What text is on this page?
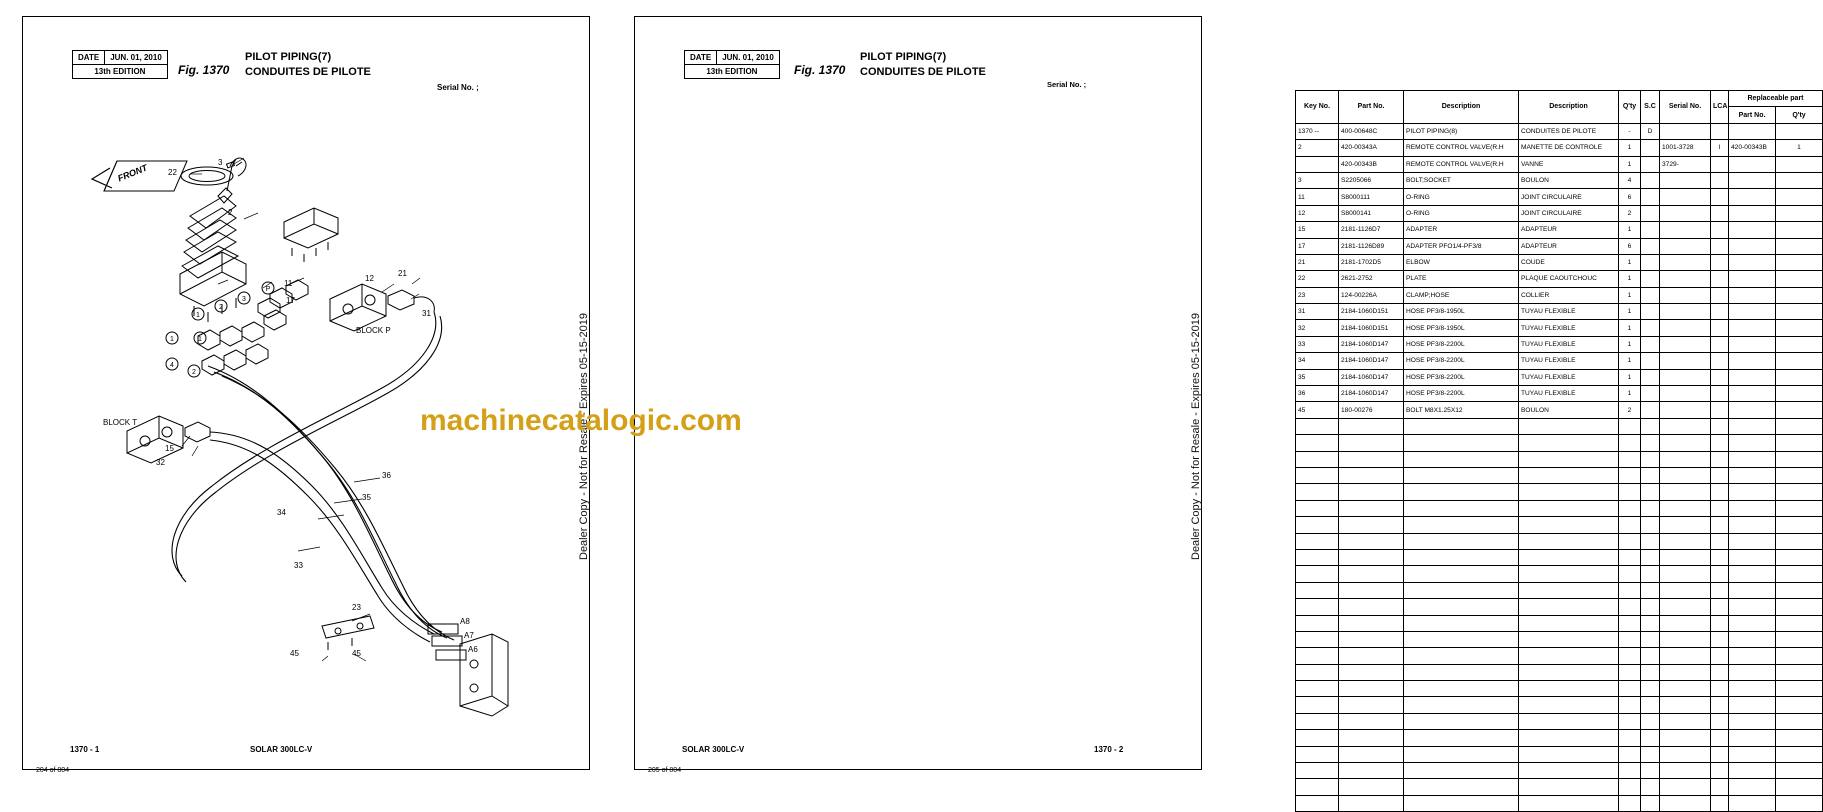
DATE	JUN. 01, 2010
13th EDITION	Fig. 1370
PILOT PIPING(7)
CONDUITES DE PILOTE
Serial No. ;
Dealer Copy - Not for Resale - Expires 05-15-2019
1
2
3
P
1
1
4
2
3
22
2
11
17
21
12
31
BLOCK T
BLOCK P
15
32
36
35
34
33
23
45	45
A8
A7
A6
FRONT
1370 - 1	SOLAR 300LC-V
204 of 804
DATE	JUN. 01, 2010
13th EDITION	Fig. 1370
PILOT PIPING(7)
CONDUITES DE PILOTE
Serial No. ;
Dealer Copy - Not for Resale - Expires 05-15-2019
Key No.	Part No.	Description	Description	Q'ty	S.C	Serial No.	LCA	Replaceable part	
								Part No.	Q'ty
1370 --	400-00648C	PILOT PIPING(8)	CONDUITES DE PILOTE	-	D				
2	420-00343A	REMOTE CONTROL VALVE(R.H	MANETTE DE CONTROLE	1		1001-3728	I	420-00343B	1
	420-00343B	REMOTE CONTROL VALVE(R.H	VANNE	1		3729-			
3	S2205066	BOLT;SOCKET	BOULON	4					
11	S8000111	O-RING	JOINT CIRCULAIRE	6					
12	S8000141	O-RING	JOINT CIRCULAIRE	2					
15	2181-1126D7	ADAPTER	ADAPTEUR	1					
17	2181-1126D89	ADAPTER PFO1/4-PF3/8	ADAPTEUR	6					
21	2181-1702D5	ELBOW	COUDE	1					
22	2621-2752	PLATE	PLAQUE CAOUTCHOUC	1					
23	124-00226A	CLAMP;HOSE	COLLIER	1					
31	2184-1060D151	HOSE PF3/8-1950L	TUYAU FLEXIBLE	1					
32	2184-1060D151	HOSE PF3/8-1950L	TUYAU FLEXIBLE	1					
33	2184-1060D147	HOSE PF3/8-2200L	TUYAU FLEXIBLE	1					
34	2184-1060D147	HOSE PF3/8-2200L	TUYAU FLEXIBLE	1					
35	2184-1060D147	HOSE PF3/8-2200L	TUYAU FLEXIBLE	1					
36	2184-1060D147	HOSE PF3/8-2200L	TUYAU FLEXIBLE	1					
45	180-00276	BOLT M8X1.25X12	BOULON	2					

SOLAR 300LC-V	1370 - 2
205 of 804
machinecatalogic.com
